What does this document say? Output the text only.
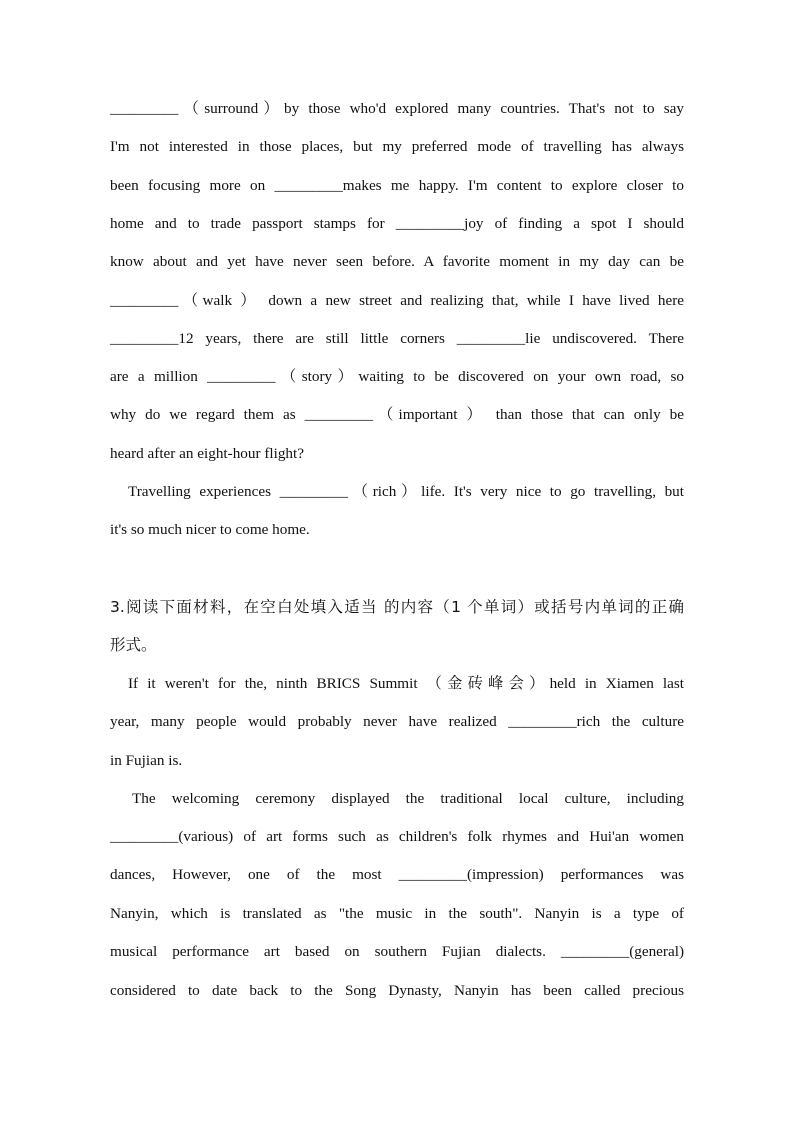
_________（surround）by those who'd explored many countries. That's not to say
I'm not interested in those places, but my preferred mode of travelling has always
been focusing more on _________makes me happy. I'm content to explore closer to
home and to trade passport stamps for _________joy of finding a spot I should
know about and yet have never seen before. A favorite moment in my day can be
_________（walk ） down a new street and realizing that, while I have lived here
_________12 years, there are still little corners _________lie undiscovered. There
are a million _________（story）waiting to be discovered on your own road, so
why do we regard them as _________（important ） than those that can only be
heard after an eight-hour flight?
Travelling experiences _________（rich）life. It's very nice to go travelling, but
it's so much nicer to come home.
3.阅读下面材料，在空白处填入适当 的内容（1 个单词）或括号内单词的正确
形式。
If it weren't for the, ninth BRICS Summit （金砖峰会）held in Xiamen last
year, many people would probably never have realized _________rich the culture
in Fujian is.
The welcoming ceremony displayed the traditional local culture, including
_________(various) of art forms such as children's folk rhymes and Hui'an women
dances, However, one of the most _________(impression) performances was
Nanyin, which is translated as "the music in the south". Nanyin is a type of
musical performance art based on southern Fujian dialects. _________(general)
considered to date back to the Song Dynasty, Nanyin has been called precious
